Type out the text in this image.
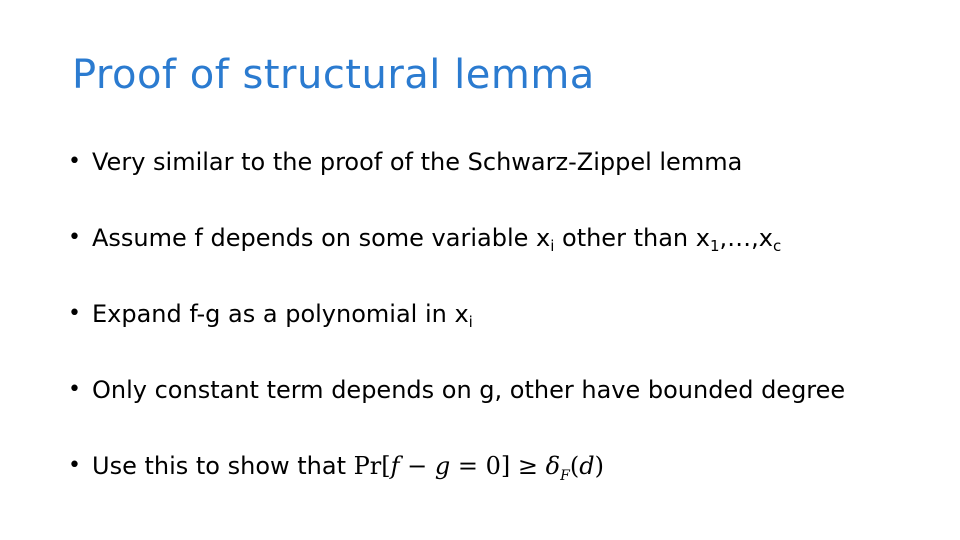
Proof of structural lemma
• Very similar to the proof of the Schwarz-Zippel lemma
• Assume f depends on some variable $x_i$ other than $x_1,\dots,x_c$
• Expand f-g as a polynomial in $x_i$
• Only constant term depends on g, other have bounded degree
• Use this to show that $Pr[f - g = 0] \ge \delta_F(d)$
